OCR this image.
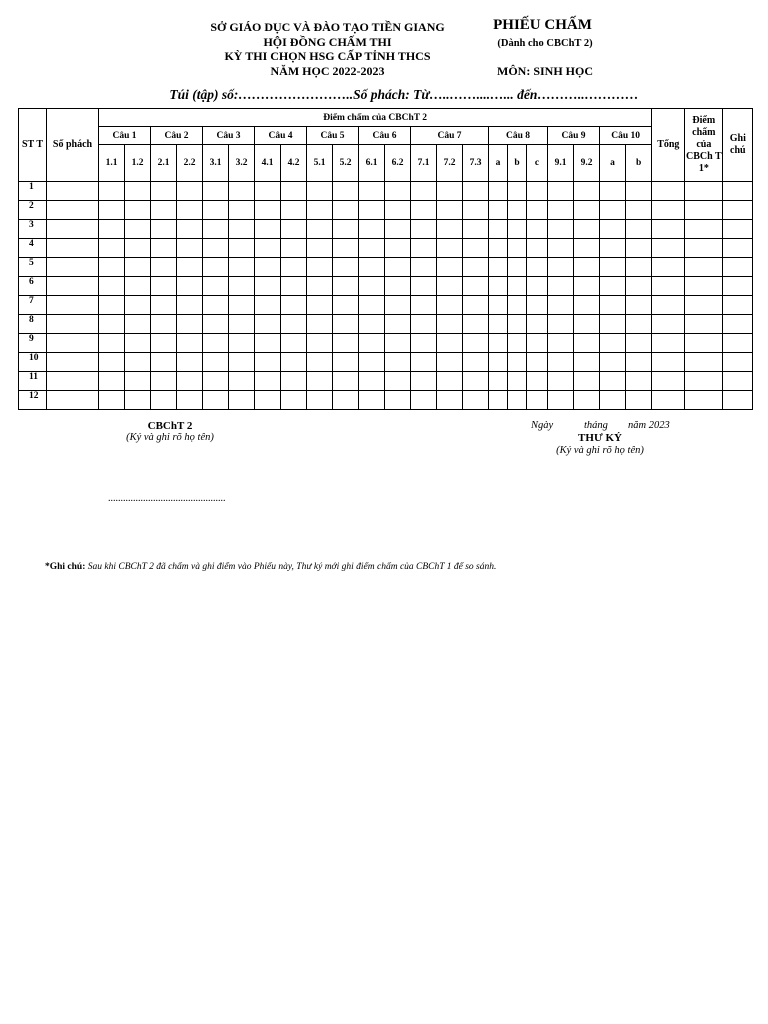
SỞ GIÁO DỤC VÀ ĐÀO TẠO TIỀN GIANG
HỘI ĐỒNG CHẤM THI
KỲ THI CHỌN HSG CẤP TỈNH THCS
NĂM HỌC 2022-2023
PHIẾU CHẤM
(Dành cho CBChT 2)
MÔN: SINH HỌC
Túi (tập) số:……………………..Số phách: Từ…..……....…... đến………..…………
ST T	Số phách	Điểm chấm của CBChT 2																						Tổng	Điểm chấm của CBCh T 1*	Ghi chú
		Câu 1		Câu 2		Câu 3		Câu 4		Câu 5		Câu 6		Câu 7			Câu 8			Câu 9		Câu 10				
		1.1	1.2	2.1	2.2	3.1	3.2	4.1	4.2	5.1	5.2	6.1	6.2	7.1	7.2	7.3	a	b	c	9.1	9.2	a	b			
1																										
2																										
3																										
4																										
5																										
6																										
7																										
8																										
9																										
10																										
11																										
12																										
CBChT 2
(Ký và ghi rõ họ tên)
Ngày	tháng năm 2023
THƯ KÝ
(Ký và ghi rõ họ tên)
...............................................
*Ghi chú: Sau khi CBChT 2 đã chấm và ghi điểm vào Phiếu này, Thư ký mới ghi điểm chấm của CBChT 1 để so sánh.
